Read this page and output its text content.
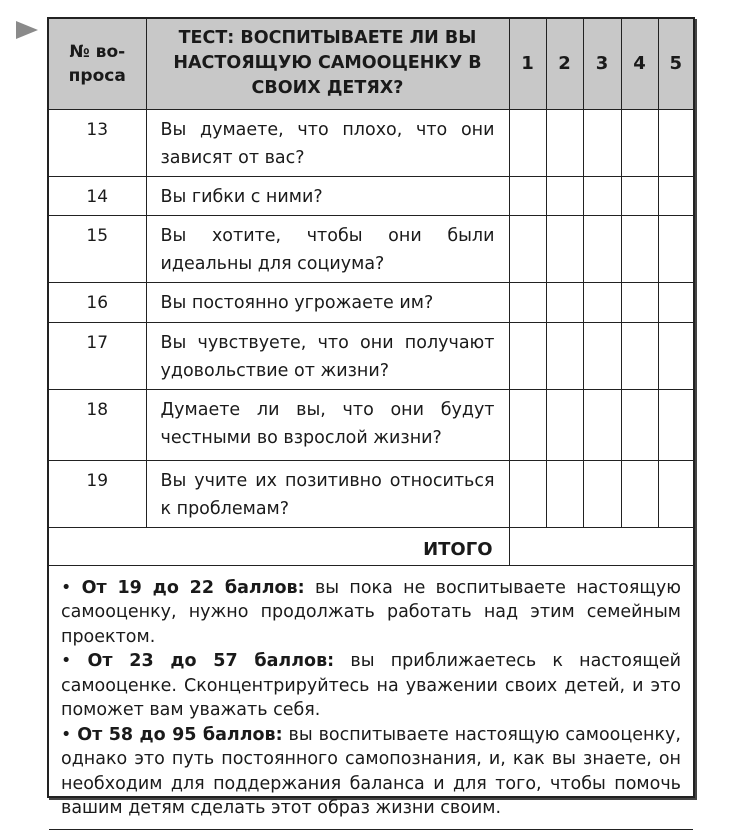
№ во-
проса	ТЕСТ: ВОСПИТЫВАЕТЕ ЛИ ВЫ НАСТОЯЩУЮ САМООЦЕНКУ В СВОИХ ДЕТЯХ?	1	2	3	4	5
13	Вы думаете, что плохо, что они зависят от вас?					
14	Вы гибки с ними?					
15	Вы хотите, чтобы они были идеальны для социума?					
16	Вы постоянно угрожаете им?					
17	Вы чувствуете, что они получают удовольствие от жизни?					
18	Думаете ли вы, что они будут честными во взрослой жизни?					
19	Вы учите их позитивно относиться к проблемам?					
ИТОГО						

• От 19 до 22 баллов: вы пока не воспитываете настоящую самооценку, нужно продолжать работать над этим семейным проектом.

• От 23 до 57 баллов: вы приближаетесь к настоящей самооценке. Сконцентрируйтесь на уважении своих детей, и это поможет вам уважать себя.

• От 58 до 95 баллов: вы воспитываете настоящую самооценку, однако это путь постоянного самопознания, и, как вы знаете, он необходим для поддержания баланса и для того, чтобы помочь вашим детям сделать этот образ жизни своим.						
